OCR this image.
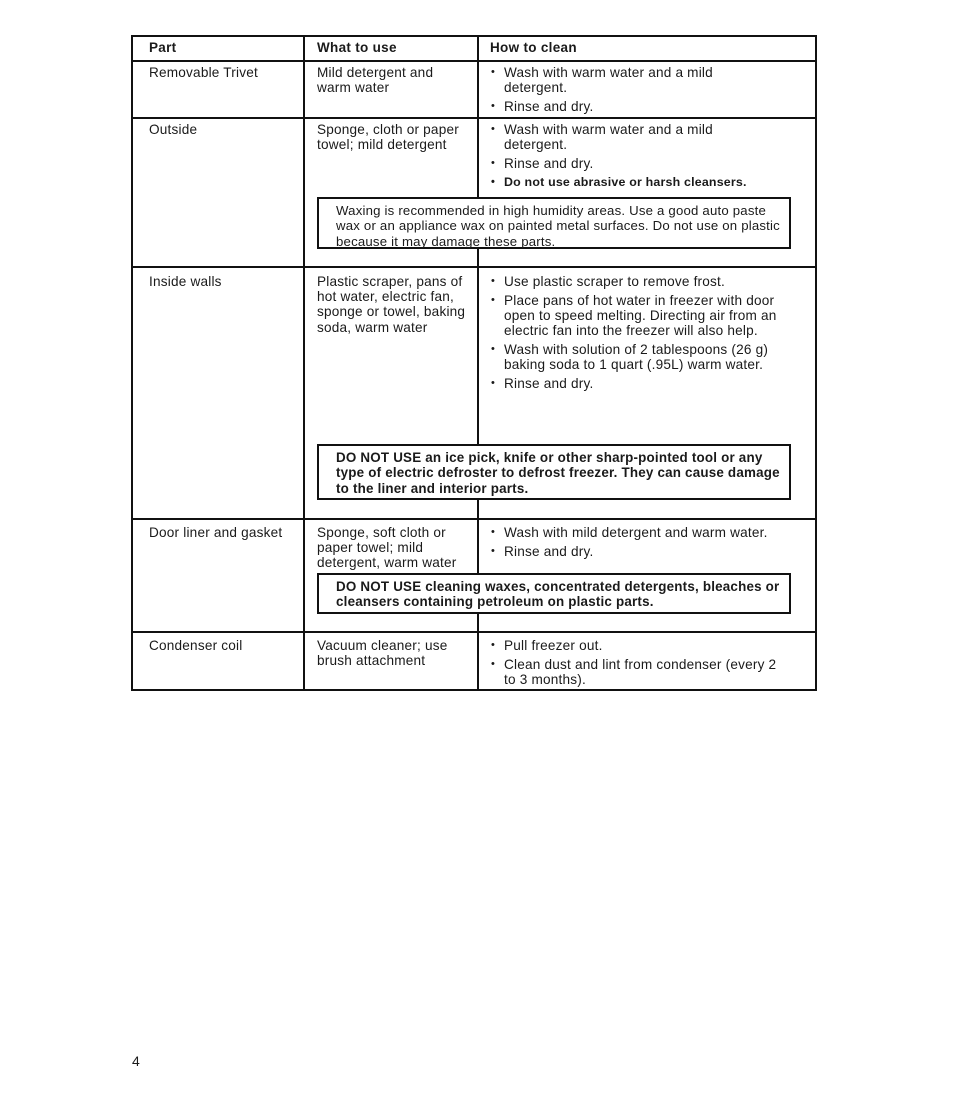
Part	What to use	How to clean
Removable Trivet	Mild detergent and warm water
• Wash with warm water and a mild detergent.
• Rinse and dry.
Outside	Sponge, cloth or paper towel; mild detergent
• Wash with warm water and a mild detergent.
• Rinse and dry.
• Do not use abrasive or harsh cleansers.
Waxing is recommended in high humidity areas. Use a good auto paste wax or an appliance wax on painted metal surfaces. Do not use on plastic because it may damage these parts.
Inside walls	Plastic scraper, pans of hot water, electric fan, sponge or towel, baking soda, warm water
• Use plastic scraper to remove frost.
• Place pans of hot water in freezer with door open to speed melting. Directing air from an electric fan into the freezer will also help.
• Wash with solution of 2 tablespoons (26 g) baking soda to 1 quart (.95L) warm water.
• Rinse and dry.
DO NOT USE an ice pick, knife or other sharp-pointed tool or any type of electric defroster to defrost freezer. They can cause damage to the liner and interior parts.
Door liner and gasket	Sponge, soft cloth or paper towel; mild detergent, warm water
• Wash with mild detergent and warm water.
• Rinse and dry.
DO NOT USE cleaning waxes, concentrated detergents, bleaches or cleansers containing petroleum on plastic parts.
Condenser coil	Vacuum cleaner; use brush attachment
• Pull freezer out.
• Clean dust and lint from condenser (every 2 to 3 months).
4
